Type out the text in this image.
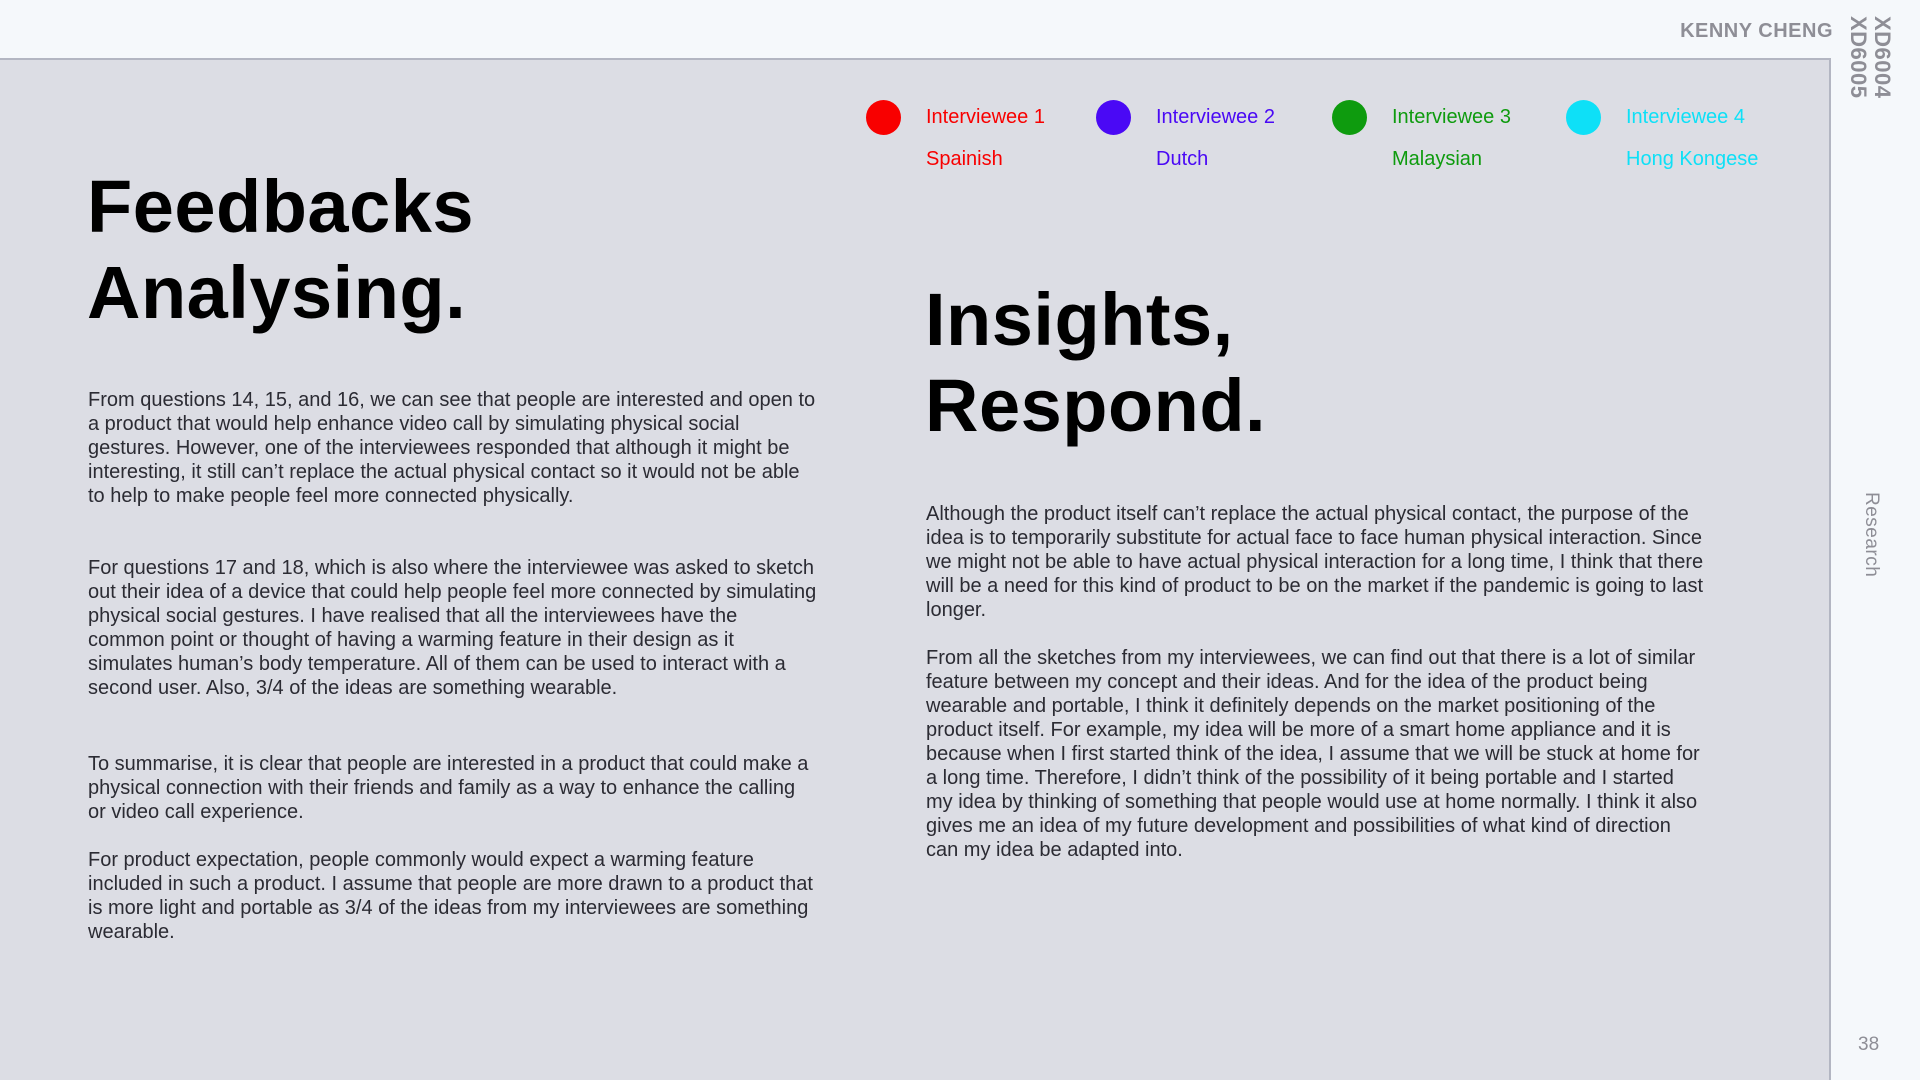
KENNY CHENG XD6004
XD6005
Research
38
Interviewee 1
Spainish
Interviewee 2
Dutch
Interviewee 3
Malaysian
Interviewee 4
Hong Kongese
Feedbacks
Analysing.

From questions 14, 15, and 16, we can see that people are interested and open to a product that would help enhance video call by simulating physical social gestures. However, one of the interviewees responded that although it might be interesting, it still can’t replace the actual physical contact so it would not be able to help to make people feel more connected physically.

For questions 17 and 18, which is also where the interviewee was asked to sketch out their idea of a device that could help people feel more connected by simulating physical social gestures. I have realised that all the interviewees have the common point or thought of having a warming feature in their design as it simulates human’s body temperature. All of them can be used to interact with a second user. Also, 3/4 of the ideas are something wearable.

To summarise, it is clear that people are interested in a product that could make a physical connection with their friends and family as a way to enhance the calling or video call experience.

For product expectation, people commonly would expect a warming feature included in such a product. I assume that people are more drawn to a product that is more light and portable as 3/4 of the ideas from my interviewees are something wearable.

Insights,
Respond.

Although the product itself can’t replace the actual physical contact, the purpose of the idea is to temporarily substitute for actual face to face human physical interaction. Since we might not be able to have actual physical interaction for a long time, I think that there will be a need for this kind of product to be on the market if the pandemic is going to last longer.

From all the sketches from my interviewees, we can find out that there is a lot of similar feature between my concept and their ideas. And for the idea of the product being wearable and portable, I think it definitely depends on the market positioning of the product itself. For example, my idea will be more of a smart home appliance and it is because when I first started think of the idea, I assume that we will be stuck at home for a long time. Therefore, I didn’t think of the possibility of it being portable and I started my idea by thinking of something that people would use at home normally. I think it also gives me an idea of my future development and possibilities of what kind of direction can my idea be adapted into.
